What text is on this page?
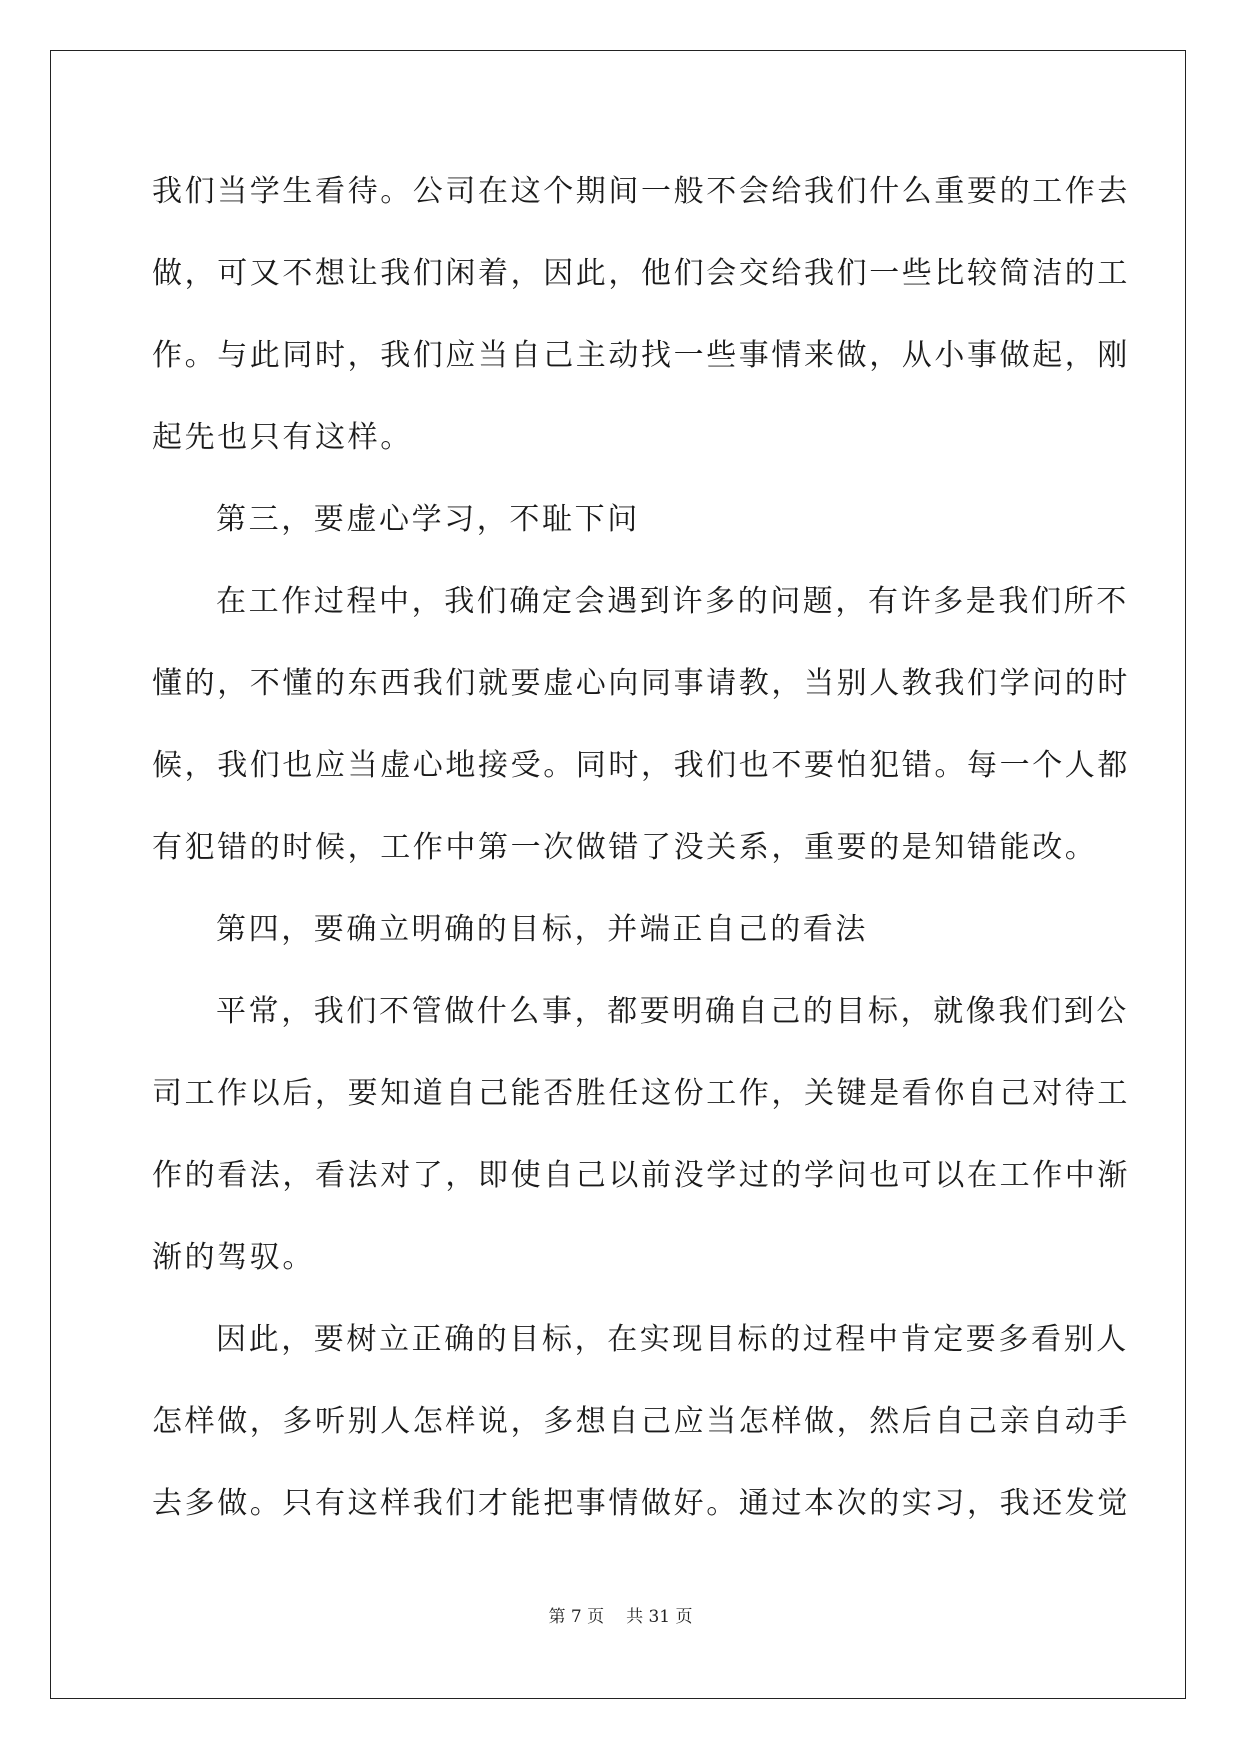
我们当学生看待。公司在这个期间一般不会给我们什么重要的工作去
做，可又不想让我们闲着，因此，他们会交给我们一些比较简洁的工
作。与此同时，我们应当自己主动找一些事情来做，从小事做起，刚
起先也只有这样。
第三，要虚心学习，不耻下问
在工作过程中，我们确定会遇到许多的问题，有许多是我们所不
懂的，不懂的东西我们就要虚心向同事请教，当别人教我们学问的时
候，我们也应当虚心地接受。同时，我们也不要怕犯错。每一个人都
有犯错的时候，工作中第一次做错了没关系，重要的是知错能改。
第四，要确立明确的目标，并端正自己的看法
平常，我们不管做什么事，都要明确自己的目标，就像我们到公
司工作以后，要知道自己能否胜任这份工作，关键是看你自己对待工
作的看法，看法对了，即使自己以前没学过的学问也可以在工作中渐
渐的驾驭。
因此，要树立正确的目标，在实现目标的过程中肯定要多看别人
怎样做，多听别人怎样说，多想自己应当怎样做，然后自己亲自动手
去多做。只有这样我们才能把事情做好。通过本次的实习，我还发觉
第 7 页 共 31 页
